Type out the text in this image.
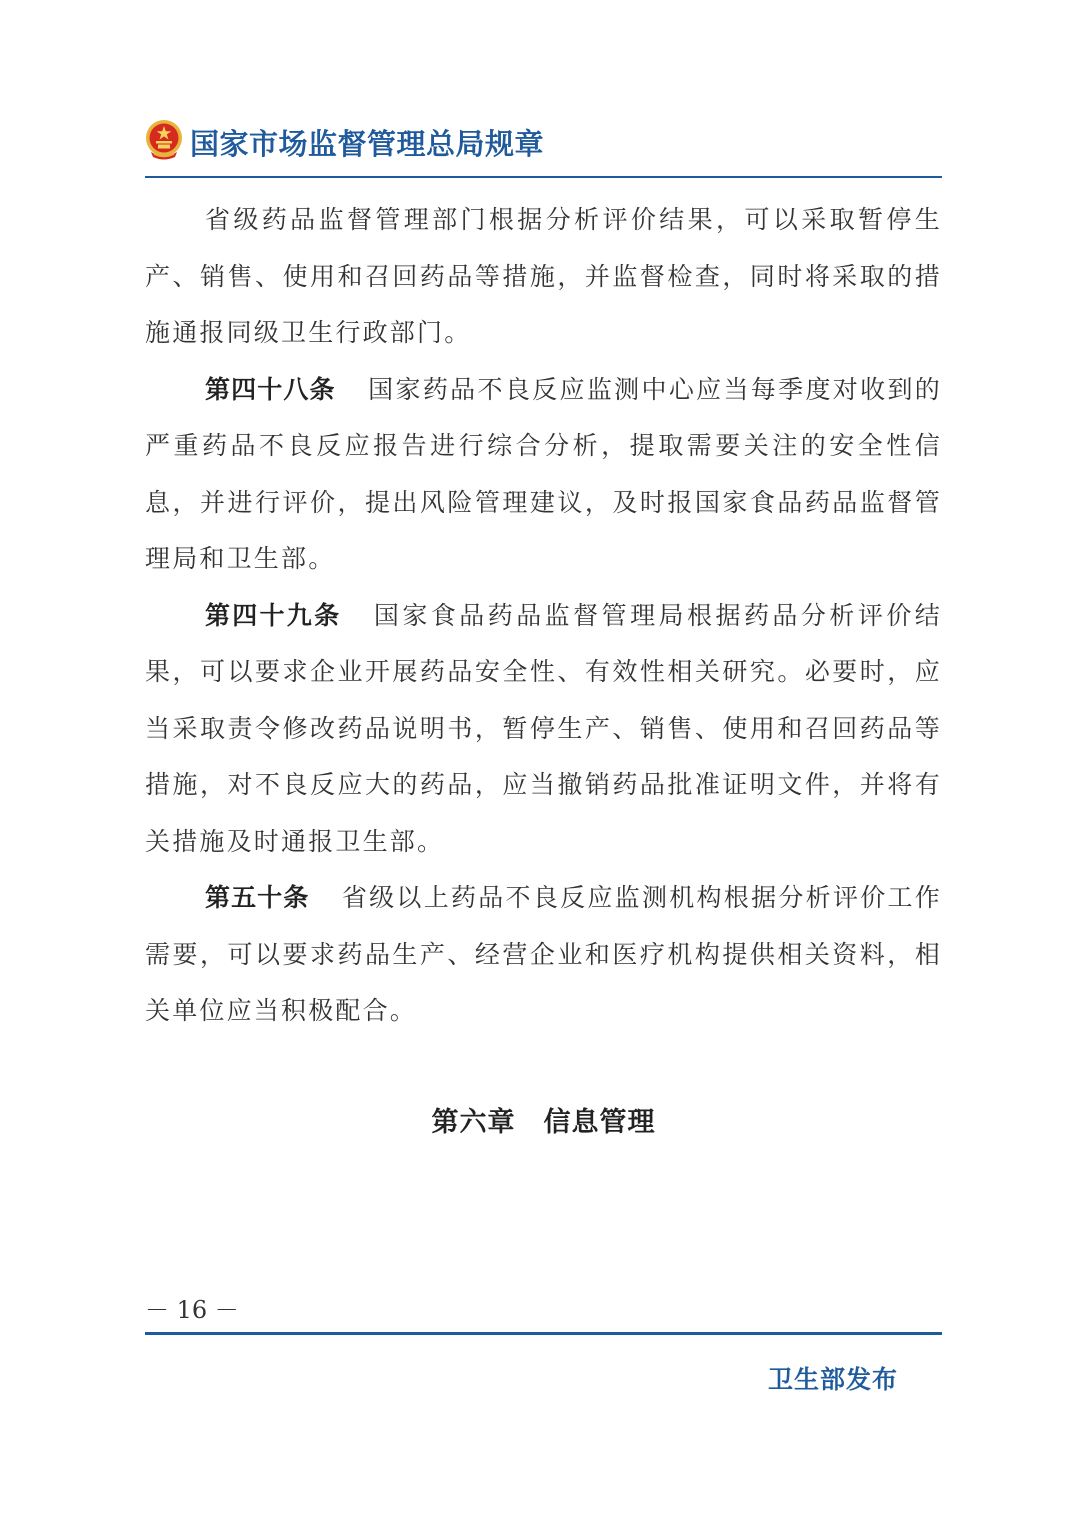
国家市场监督管理总局规章

省级药品监督管理部门根据分析评价结果，可以采取暂停生产、销售、使用和召回药品等措施，并监督检查，同时将采取的措施通报同级卫生行政部门。

第四十八条 国家药品不良反应监测中心应当每季度对收到的严重药品不良反应报告进行综合分析，提取需要关注的安全性信息，并进行评价，提出风险管理建议，及时报国家食品药品监督管理局和卫生部。

第四十九条 国家食品药品监督管理局根据药品分析评价结果，可以要求企业开展药品安全性、有效性相关研究。必要时，应当采取责令修改药品说明书，暂停生产、销售、使用和召回药品等措施，对不良反应大的药品，应当撤销药品批准证明文件，并将有关措施及时通报卫生部。

第五十条 省级以上药品不良反应监测机构根据分析评价工作需要，可以要求药品生产、经营企业和医疗机构提供相关资料，相关单位应当积极配合。

第六章　信息管理
－ 16 －
卫生部发布
